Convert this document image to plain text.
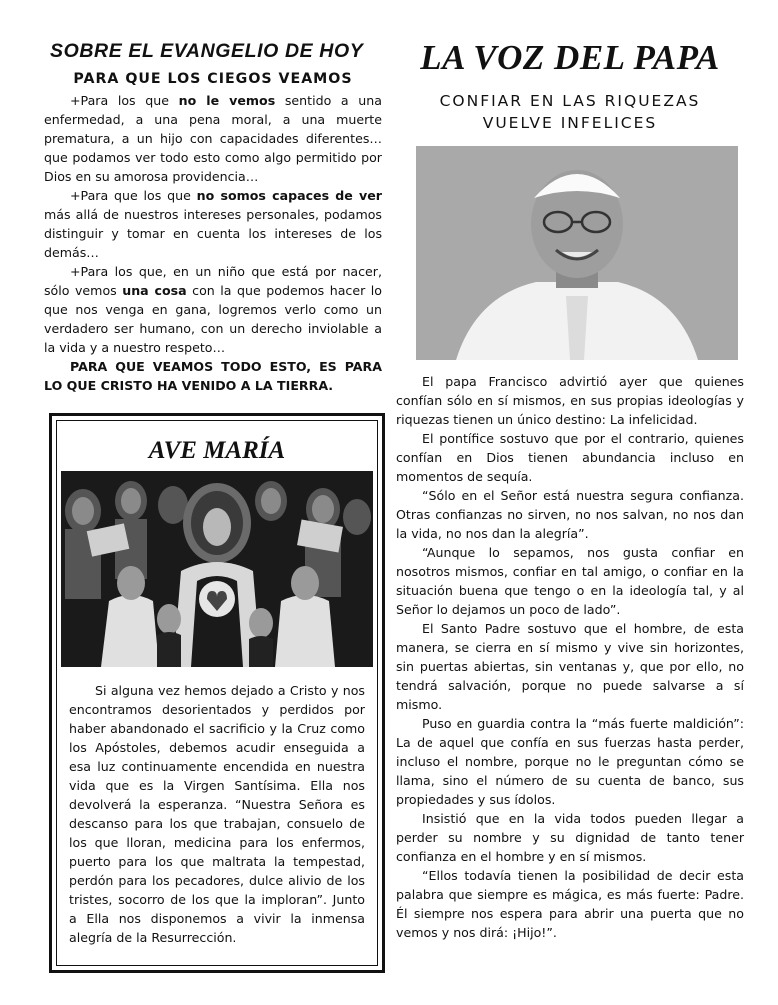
SOBRE EL EVANGELIO DE HOY
PARA QUE LOS CIEGOS VEAMOS

+Para los que no le vemos sentido a una enfermedad, a una pena moral, a una muerte prematura, a un hijo con capacidades diferentes… que podamos ver todo esto como algo permitido por Dios en su amorosa providencia…

+Para que los que no somos capaces de ver más allá de nuestros intereses personales, podamos distinguir y tomar en cuenta los intereses de los demás…

+Para los que, en un niño que está por nacer, sólo vemos una cosa con la que podemos hacer lo que nos venga en gana, logremos verlo como un verdadero ser humano, con un derecho inviolable a la vida y a nuestro respeto…

PARA QUE VEAMOS TODO ESTO, ES PARA LO QUE CRISTO HA VENIDO A LA TIERRA.

AVE MARÍA

Si alguna vez hemos dejado a Cristo y nos encontramos desorientados y perdidos por haber abandonado el sacrificio y la Cruz como los Apóstoles, debemos acudir enseguida a esa luz continuamente encendida en nuestra vida que es la Virgen Santísima. Ella nos devolverá la esperanza. “Nuestra Señora es descanso para los que trabajan, consuelo de los que lloran, medicina para los enfermos, puerto para los que maltrata la tempestad, perdón para los pecadores, dulce alivio de los tristes, socorro de los que la imploran”. Junto a Ella nos disponemos a vivir la inmensa alegría de la Resurrección.

LA VOZ DEL PAPA
CONFIAR EN LAS RIQUEZAS
VUELVE INFELICES

El papa Francisco advirtió ayer que quienes confían sólo en sí mismos, en sus propias ideologías y riquezas tienen un único destino: La infelicidad.

El pontífice sostuvo que por el contrario, quienes confían en Dios tienen abundancia incluso en momentos de sequía.

“Sólo en el Señor está nuestra segura confianza. Otras confianzas no sirven, no nos salvan, no nos dan la vida, no nos dan la alegría”.

“Aunque lo sepamos, nos gusta confiar en nosotros mismos, confiar en tal amigo, o confiar en la situación buena que tengo o en la ideología tal, y al Señor lo dejamos un poco de lado”.

El Santo Padre sostuvo que el hombre, de esta manera, se cierra en sí mismo y vive sin horizontes, sin puertas abiertas, sin ventanas y, que por ello, no tendrá salvación, porque no puede salvarse a sí mismo.

Puso en guardia contra la “más fuerte maldición”: La de aquel que confía en sus fuerzas hasta perder, incluso el nombre, porque no le preguntan cómo se llama, sino el número de su cuenta de banco, sus propiedades y sus ídolos.

Insistió que en la vida todos pueden llegar a perder su nombre y su dignidad de tanto tener confianza en el hombre y en sí mismos.

“Ellos todavía tienen la posibilidad de decir esta palabra que siempre es mágica, es más fuerte: Padre. Él siempre nos espera para abrir una puerta que no vemos y nos dirá: ¡Hijo!”.
